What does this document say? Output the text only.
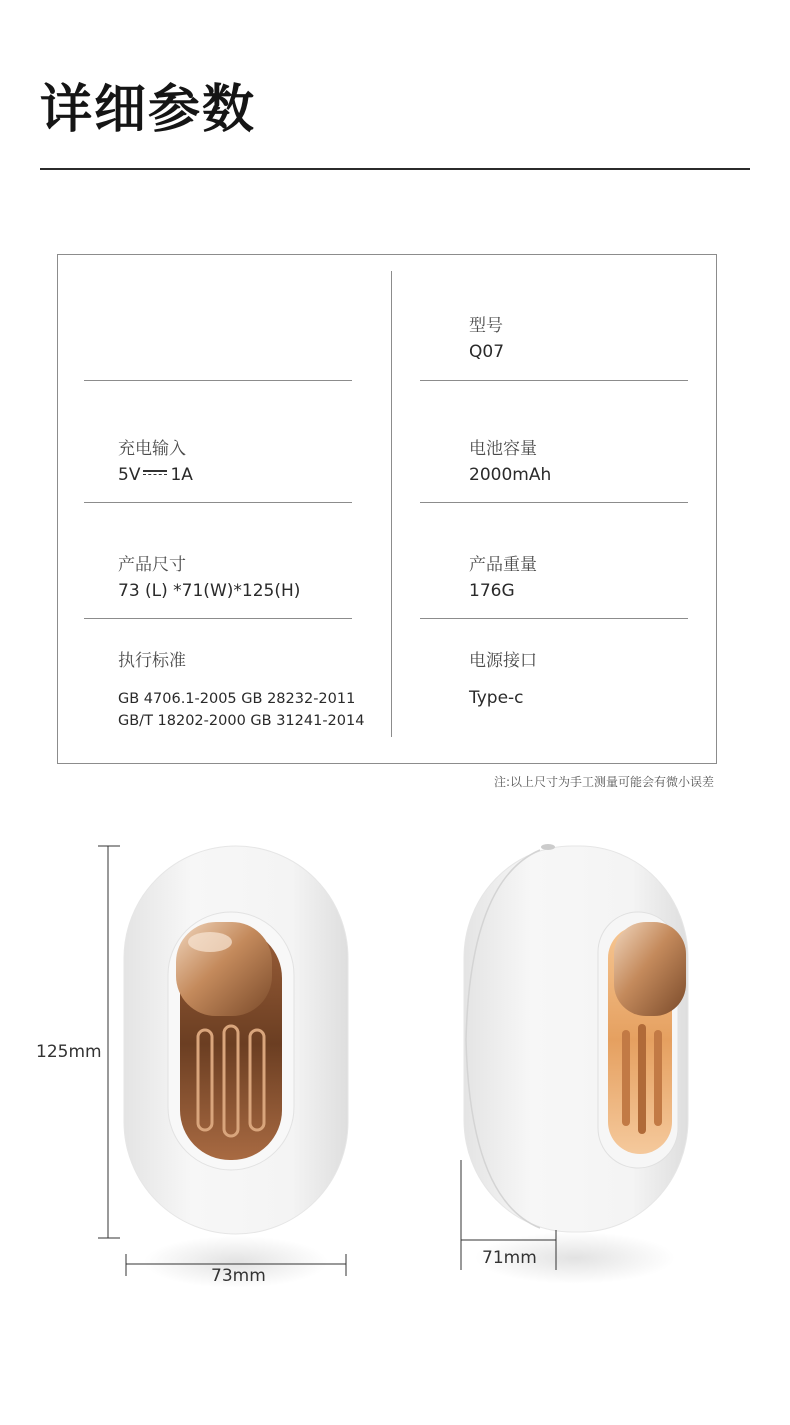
详细参数
型号
Q07
充电输入
5V 1A
电池容量
2000mAh
产品尺寸
73 (L) *71(W)*125(H)
产品重量
176G
执行标准
GB 4706.1-2005 GB 28232-2011
GB/T 18202-2000 GB 31241-2014
电源接口
Type-c
注:以上尺寸为手工测量可能会有微小误差
125mm
73mm
71mm
